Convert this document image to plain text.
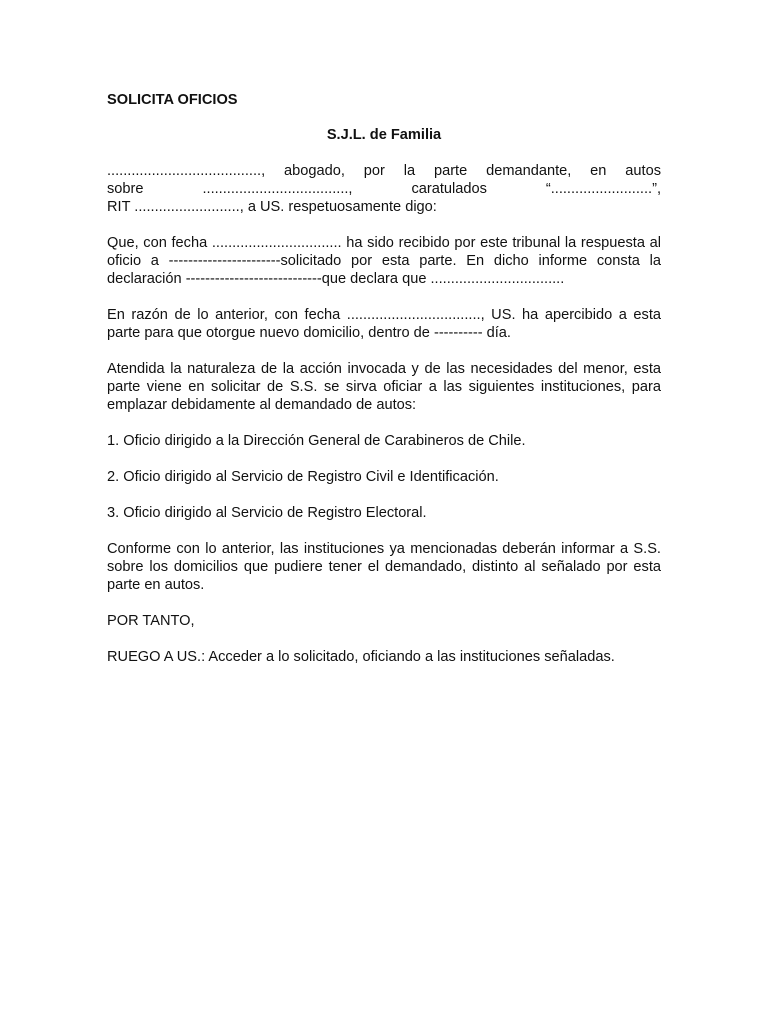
SOLICITA OFICIOS
S.J.L. de Familia
......................................, abogado, por la parte demandante, en autos
sobre ...................................., caratulados “.........................”,
RIT .........................., a US. respetuosamente digo:
Que, con fecha ................................ ha sido recibido por este tribunal la respuesta al oficio a -----------------------solicitado por esta parte. En dicho informe consta la declaración ----------------------------que declara que .................................
En razón de lo anterior, con fecha ................................., US. ha apercibido a esta parte para que otorgue nuevo domicilio, dentro de ---------- día.
Atendida la naturaleza de la acción invocada y de las necesidades del menor, esta parte viene en solicitar de S.S. se sirva oficiar a las siguientes instituciones, para emplazar debidamente al demandado de autos:
1. Oficio dirigido a la Dirección General de Carabineros de Chile.
2. Oficio dirigido al Servicio de Registro Civil e Identificación.
3. Oficio dirigido al Servicio de Registro Electoral.
Conforme con lo anterior, las instituciones ya mencionadas deberán informar a S.S. sobre los domicilios que pudiere tener el demandado, distinto al señalado por esta parte en autos.
POR TANTO,
RUEGO A US.: Acceder a lo solicitado, oficiando a las instituciones señaladas.
